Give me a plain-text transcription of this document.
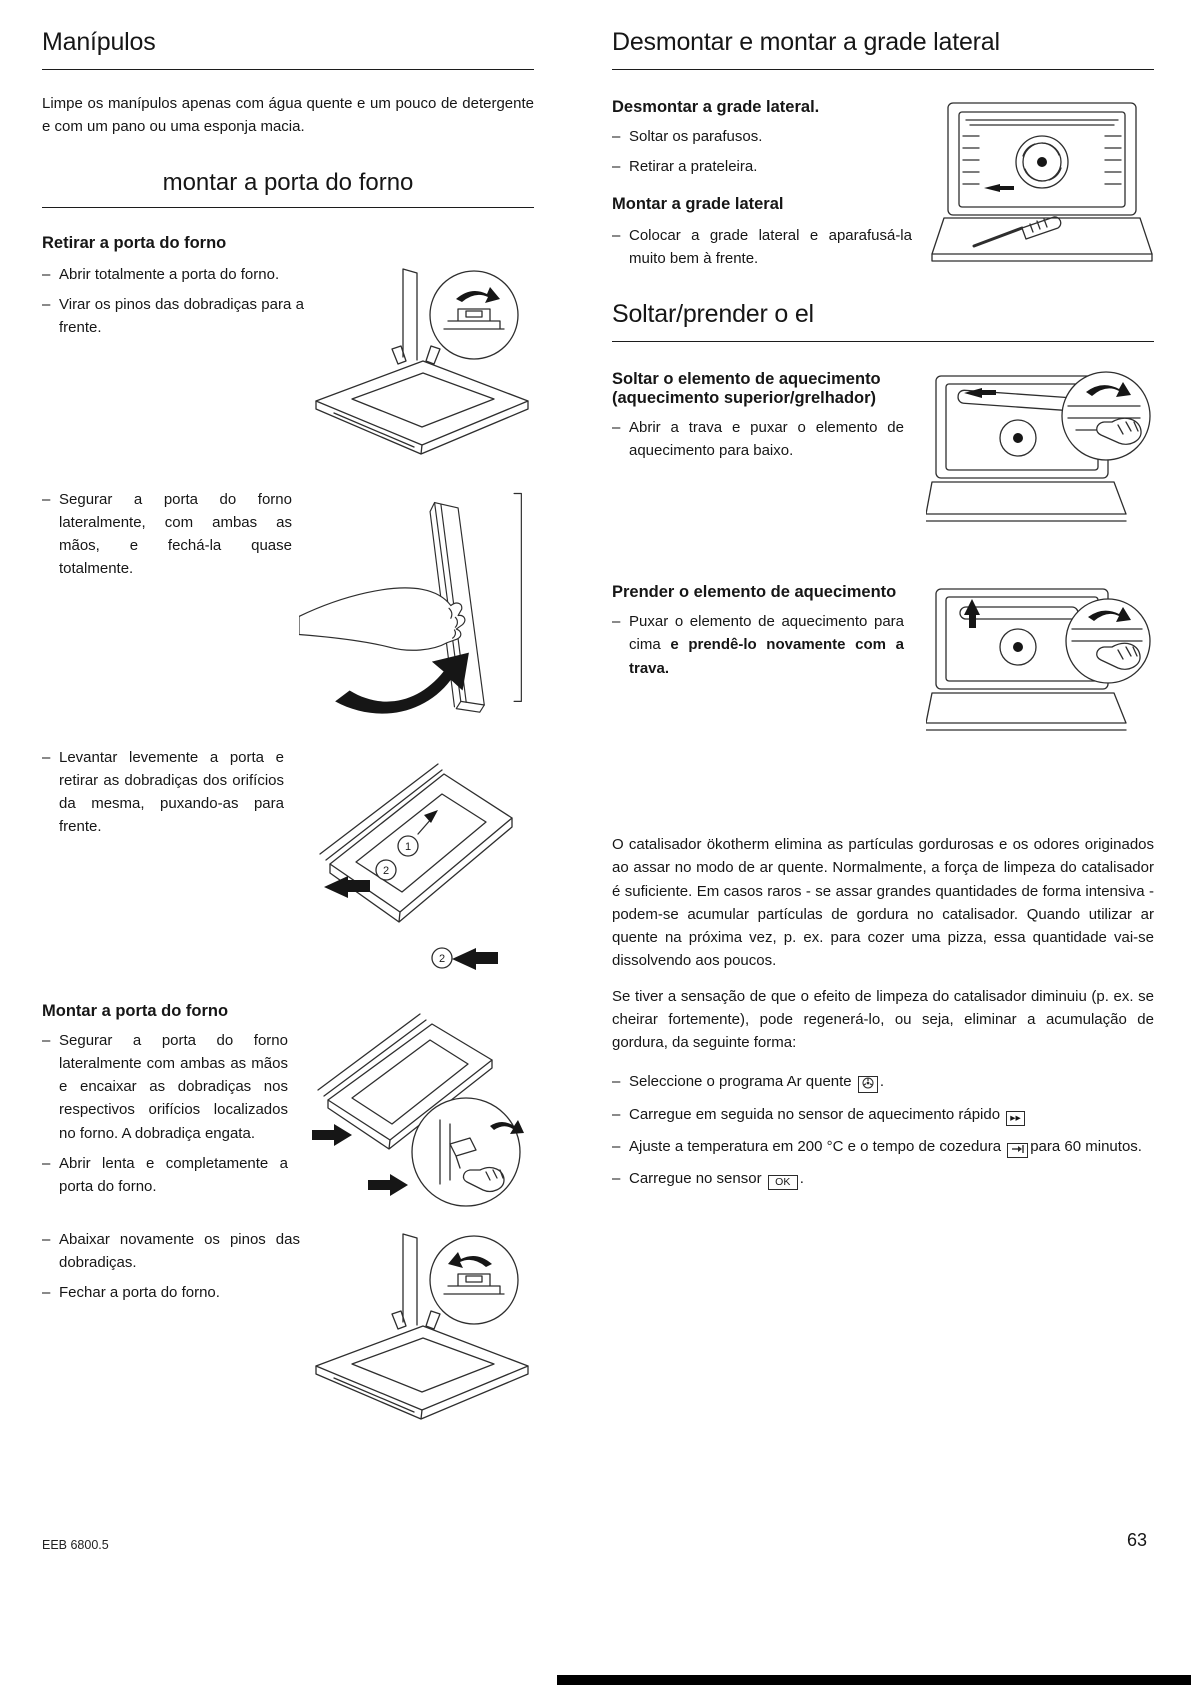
Manípulos

Limpe os manípulos apenas com água quente e um pouco de detergente e com um pano ou uma esponja macia.

montar a porta do forno
Retirar a porta do forno
– Abrir totalmente a porta do forno.
– Virar os pinos das dobradiças para a frente.
– Segurar a porta do forno lateralmente, com ambas as mãos, e fechá-la quase totalmente.
– Levantar levemente a porta e retirar as dobradiças dos orifícios da mesma, puxando-as para frente.
1
2
2
Montar a porta do forno
– Segurar a porta do forno lateralmente com ambas as mãos e encaixar as dobradiças nos respectivos orifícios localizados no forno. A dobradiça engata.
– Abrir lenta e completamente a porta do forno.
– Abaixar novamente os pinos das dobradiças.
– Fechar a porta do forno.
Desmontar e montar a grade lateral
Desmontar a grade lateral.
– Soltar os parafusos.
– Retirar a prateleira.
Montar a grade lateral
– Colocar a grade lateral e aparafusá-la muito bem à frente.
Soltar/prender o el
Soltar o elemento de aquecimento (aquecimento superior/grelhador)
– Abrir a trava e puxar o elemento de aquecimento para baixo.
Prender o elemento de aquecimento
– Puxar o elemento de aquecimento para cima e prendê-lo novamente com a trava.

O catalisador ökotherm elimina as partículas gordurosas e os odores originados ao assar no modo de ar quente. Normalmente, a força de limpeza do catalisador é suficiente. Em casos raros - se assar grandes quantidades de forma intensiva - podem-se acumular partículas de gordura no catalisador. Quando utilizar ar quente na próxima vez, p. ex. para cozer uma pizza, essa quantidade vai-se dissolvendo aos poucos.

Se tiver a sensação de que o efeito de limpeza do catalisador diminuiu (p. ex. se cheirar fortemente), pode regenerá-lo, ou seja, eliminar a acumulação de gordura, da seguinte forma:

– Seleccione o programa Ar quente .
– Carregue em seguida no sensor de aquecimento rápido ▸▸
– Ajuste a temperatura em 200 °C e o tempo de cozedura para 60 minutos.
– Carregue no sensor OK .
EEB 6800.5	63
